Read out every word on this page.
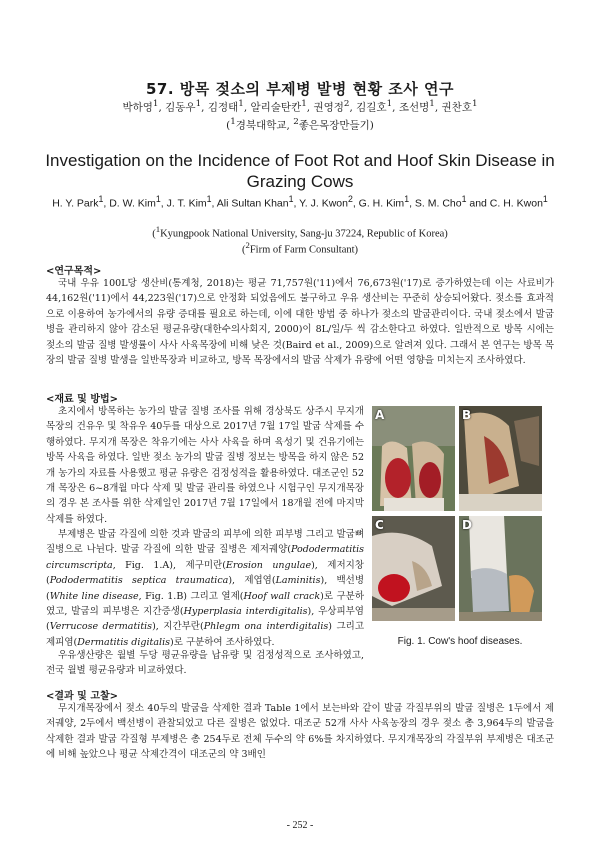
57. 방목 젖소의 부제병 발병 현황 조사 연구
박하영$^1$, 김동우$^1$, 김정태$^1$, 알리술탄칸$^1$, 권영정$^2$, 김길호$^1$, 조선명$^1$, 권찬호$^1$
($^1$경북대학교, $^2$좋은목장만들기)
Investigation on the Incidence of Foot Rot and Hoof Skin Disease in Grazing Cows
H. Y. Park$^1$, D. W. Kim$^1$, J. T. Kim$^1$, Ali Sultan Khan$^1$, Y. J. Kwon$^2$, G. H. Kim$^1$, S. M. Cho$^1$ and C. H. Kwon$^1$
($^1$Kyungpook National University, Sang-ju 37224, Republic of Korea)
($^2$Firm of Farm Consultant)
<연구목적>

국내 우유 100L당 생산비(통계청, 2018)는 평균 71,757원('11)에서 76,673원('17)로 증가하였는데 이는 사료비가 44,162원('11)에서 44,223원('17)으로 안정화 되었음에도 불구하고 우유 생산비는 꾸준히 상승되어왔다. 젖소를 효과적으로 이용하여 농가에서의 유량 증대를 필요로 하는데, 이에 대한 방법 중 하나가 젖소의 발굽관리이다. 국내 젖소에서 발굽병을 관리하지 않아 감소된 평균유량(대한수의사회지, 2000)이 8L/일/두 씩 감소한다고 하였다. 일반적으로 방목 시에는 젖소의 발굽 질병 발생률이 사사 사육목장에 비해 낮은 것(Baird et al., 2009)으로 알려져 있다. 그래서 본 연구는 방목 목장의 발굽 질병 발생을 일반목장과 비교하고, 방목 목장에서의 발굽 삭제가 유량에 어떤 영향을 미치는지 조사하였다.

<재료 및 방법>

초지에서 방목하는 농가의 발굽 질병 조사를 위해 경상북도 상주시 무지개목장의 건유우 및 착유우 40두를 대상으로 2017년 7월 17일 발굽 삭제를 수행하였다. 무지개 목장은 착유기에는 사사 사육을 하며 육성기 및 건유기에는 방목 사육을 하였다. 일반 젖소 농가의 발굽 질병 정보는 방목을 하지 않은 52개 농가의 자료를 사용했고 평균 유량은 검정성적을 활용하였다. 대조군인 52개 목장은 6~8개월 마다 삭제 및 발굽 관리를 하였으나 시험구인 무지개목장의 경우 본 조사를 위한 삭제일인 2017년 7월 17일에서 18개월 전에 마지막 삭제를 하였다.

부제병은 발굽 각질에 의한 것과 발굽의 피부에 의한 피부병 그리고 발굽뼈 질병으로 나뉜다. 발굽 각질에 의한 발굽 질병은 제저궤양(Pododermatitis circumscripta, Fig. 1.A), 제구미란(Erosion ungulae), 제저지창(Pododermatitis septica traumatica), 제엽염(Laminitis), 백선병(White line disease, Fig. 1.B) 그리고 열제(Hoof wall crack)로 구분하였고, 발굽의 피부병은 지간증생(Hyperplasia interdigitalis), 우상피부염(Verrucose dermatitis), 지간부란(Phlegm ona interdigitalis) 그리고 제피염(Dermatitis digitalis)로 구분하여 조사하였다.

우유생산량은 월별 두당 평균유량을 납유량 및 검정성적으로 조사하였고, 전국 월별 평균유량과 비교하였다.

A	B
C	D
Fig. 1. Cow's hoof diseases.
<결과 및 고찰>

무지개목장에서 젖소 40두의 발굽을 삭제한 결과 Table 1에서 보는바와 같이 발굽 각질부위의 발굽 질병은 1두에서 제저궤양, 2두에서 백선병이 관찰되었고 다른 질병은 없었다. 대조군 52개 사사 사육농장의 경우 젖소 총 3,964두의 발굽을 삭제한 결과 발굽 각질형 부제병은 총 254두로 전체 두수의 약 6%를 차지하였다. 무지개목장의 각질부위 부제병은 대조군에 비해 높았으나 평균 삭제간격이 대조군의 약 3배인

- 252 -
